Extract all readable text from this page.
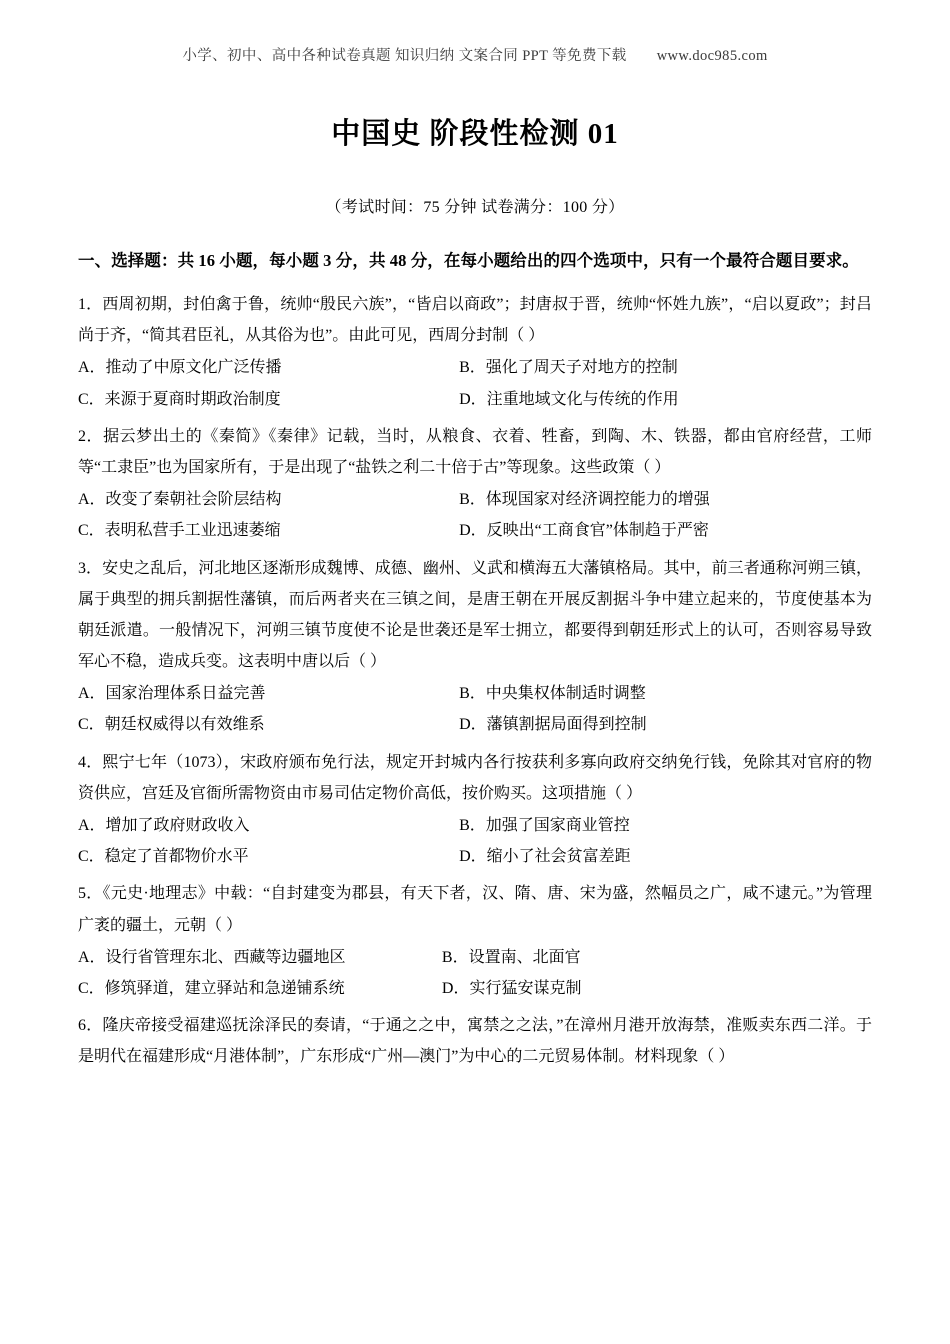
小学、初中、高中各种试卷真题 知识归纳 文案合同 PPT 等免费下载 www.doc985.com
中国史 阶段性检测 01
（考试时间：75 分钟 试卷满分：100 分）
一、选择题：共 16 小题，每小题 3 分，共 48 分，在每小题给出的四个选项中，只有一个最符合题目要求。
1．西周初期，封伯禽于鲁，统帅“殷民六族”，“皆启以商政”；封唐叔于晋，统帅“怀姓九族”，“启以夏政”；封吕尚于齐，“简其君臣礼，从其俗为也”。由此可见，西周分封制（ ）
A．推动了中原文化广泛传播	B．强化了周天子对地方的控制
C．来源于夏商时期政治制度	D．注重地域文化与传统的作用
2．据云梦出土的《秦简》《秦律》记载，当时，从粮食、衣着、牲畜，到陶、木、铁器，都由官府经营，工师等“工隶臣”也为国家所有，于是出现了“盐铁之利二十倍于古”等现象。这些政策（ ）
A．改变了秦朝社会阶层结构	B．体现国家对经济调控能力的增强
C．表明私营手工业迅速萎缩	D．反映出“工商食官”体制趋于严密
3．安史之乱后，河北地区逐渐形成魏博、成德、幽州、义武和横海五大藩镇格局。其中，前三者通称河朔三镇，属于典型的拥兵割据性藩镇，而后两者夹在三镇之间，是唐王朝在开展反割据斗争中建立起来的，节度使基本为朝廷派遣。一般情况下，河朔三镇节度使不论是世袭还是军士拥立，都要得到朝廷形式上的认可，否则容易导致军心不稳，造成兵变。这表明中唐以后（ ）
A．国家治理体系日益完善	B．中央集权体制适时调整
C．朝廷权威得以有效维系	D．藩镇割据局面得到控制
4．熙宁七年（1073），宋政府颁布免行法，规定开封城内各行按获利多寡向政府交纳免行钱，免除其对官府的物资供应，宫廷及官衙所需物资由市易司估定物价高低，按价购买。这项措施（ ）
A．增加了政府财政收入	B．加强了国家商业管控
C．稳定了首都物价水平	D．缩小了社会贫富差距
5．《元史·地理志》中载：“自封建变为郡县，有天下者，汉、隋、唐、宋为盛，然幅员之广，咸不逮元。”为管理广袤的疆土，元朝（ ）
A．设行省管理东北、西藏等边疆地区	B．设置南、北面官
C．修筑驿道，建立驿站和急递铺系统	D．实行猛安谋克制
6．隆庆帝接受福建巡抚涂泽民的奏请，“于通之之中，寓禁之之法，”在漳州月港开放海禁，准贩卖东西二洋。于是明代在福建形成“月港体制”，广东形成“广州—澳门”为中心的二元贸易体制。材料现象（ ）
